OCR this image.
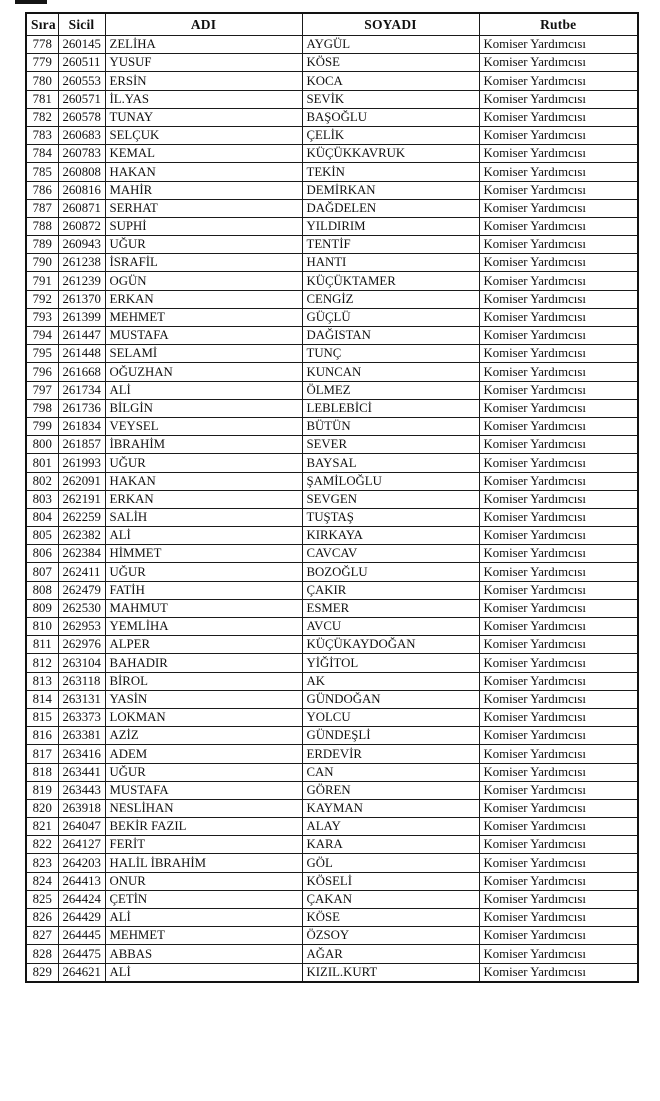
Sıra	Sicil	ADI	SOYADI	Rutbe
778	260145	ZELİHA	AYGÜL	Komiser Yardımcısı
779	260511	YUSUF	KÖSE	Komiser Yardımcısı
780	260553	ERSİN	KOCA	Komiser Yardımcısı
781	260571	İL.YAS	SEVİK	Komiser Yardımcısı
782	260578	TUNAY	BAŞOĞLU	Komiser Yardımcısı
783	260683	SELÇUK	ÇELİK	Komiser Yardımcısı
784	260783	KEMAL	KÜÇÜKKAVRUK	Komiser Yardımcısı
785	260808	HAKAN	TEKİN	Komiser Yardımcısı
786	260816	MAHİR	DEMİRKAN	Komiser Yardımcısı
787	260871	SERHAT	DAĞDELEN	Komiser Yardımcısı
788	260872	SUPHİ	YILDIRIM	Komiser Yardımcısı
789	260943	UĞUR	TENTİF	Komiser Yardımcısı
790	261238	İSRAFİL	HANTI	Komiser Yardımcısı
791	261239	OGÜN	KÜÇÜKTAMER	Komiser Yardımcısı
792	261370	ERKAN	CENGİZ	Komiser Yardımcısı
793	261399	MEHMET	GÜÇLÜ	Komiser Yardımcısı
794	261447	MUSTAFA	DAĞISTAN	Komiser Yardımcısı
795	261448	SELAMİ	TUNÇ	Komiser Yardımcısı
796	261668	OĞUZHAN	KUNCAN	Komiser Yardımcısı
797	261734	ALİ	ÖLMEZ	Komiser Yardımcısı
798	261736	BİLGİN	LEBLEBİCİ	Komiser Yardımcısı
799	261834	VEYSEL	BÜTÜN	Komiser Yardımcısı
800	261857	İBRAHİM	SEVER	Komiser Yardımcısı
801	261993	UĞUR	BAYSAL	Komiser Yardımcısı
802	262091	HAKAN	ŞAMİLOĞLU	Komiser Yardımcısı
803	262191	ERKAN	SEVGEN	Komiser Yardımcısı
804	262259	SALİH	TUŞTAŞ	Komiser Yardımcısı
805	262382	ALİ	KIRKAYA	Komiser Yardımcısı
806	262384	HİMMET	CAVCAV	Komiser Yardımcısı
807	262411	UĞUR	BOZOĞLU	Komiser Yardımcısı
808	262479	FATİH	ÇAKIR	Komiser Yardımcısı
809	262530	MAHMUT	ESMER	Komiser Yardımcısı
810	262953	YEMLİHA	AVCU	Komiser Yardımcısı
811	262976	ALPER	KÜÇÜKAYDOĞAN	Komiser Yardımcısı
812	263104	BAHADIR	YİĞİTOL	Komiser Yardımcısı
813	263118	BİROL	AK	Komiser Yardımcısı
814	263131	YASİN	GÜNDOĞAN	Komiser Yardımcısı
815	263373	LOKMAN	YOLCU	Komiser Yardımcısı
816	263381	AZİZ	GÜNDEŞLİ	Komiser Yardımcısı
817	263416	ADEM	ERDEVİR	Komiser Yardımcısı
818	263441	UĞUR	CAN	Komiser Yardımcısı
819	263443	MUSTAFA	GÖREN	Komiser Yardımcısı
820	263918	NESLİHAN	KAYMAN	Komiser Yardımcısı
821	264047	BEKİR FAZIL	ALAY	Komiser Yardımcısı
822	264127	FERİT	KARA	Komiser Yardımcısı
823	264203	HALİL İBRAHİM	GÖL	Komiser Yardımcısı
824	264413	ONUR	KÖSELİ	Komiser Yardımcısı
825	264424	ÇETİN	ÇAKAN	Komiser Yardımcısı
826	264429	ALİ	KÖSE	Komiser Yardımcısı
827	264445	MEHMET	ÖZSOY	Komiser Yardımcısı
828	264475	ABBAS	AĞAR	Komiser Yardımcısı
829	264621	ALİ	KIZIL.KURT	Komiser Yardımcısı
